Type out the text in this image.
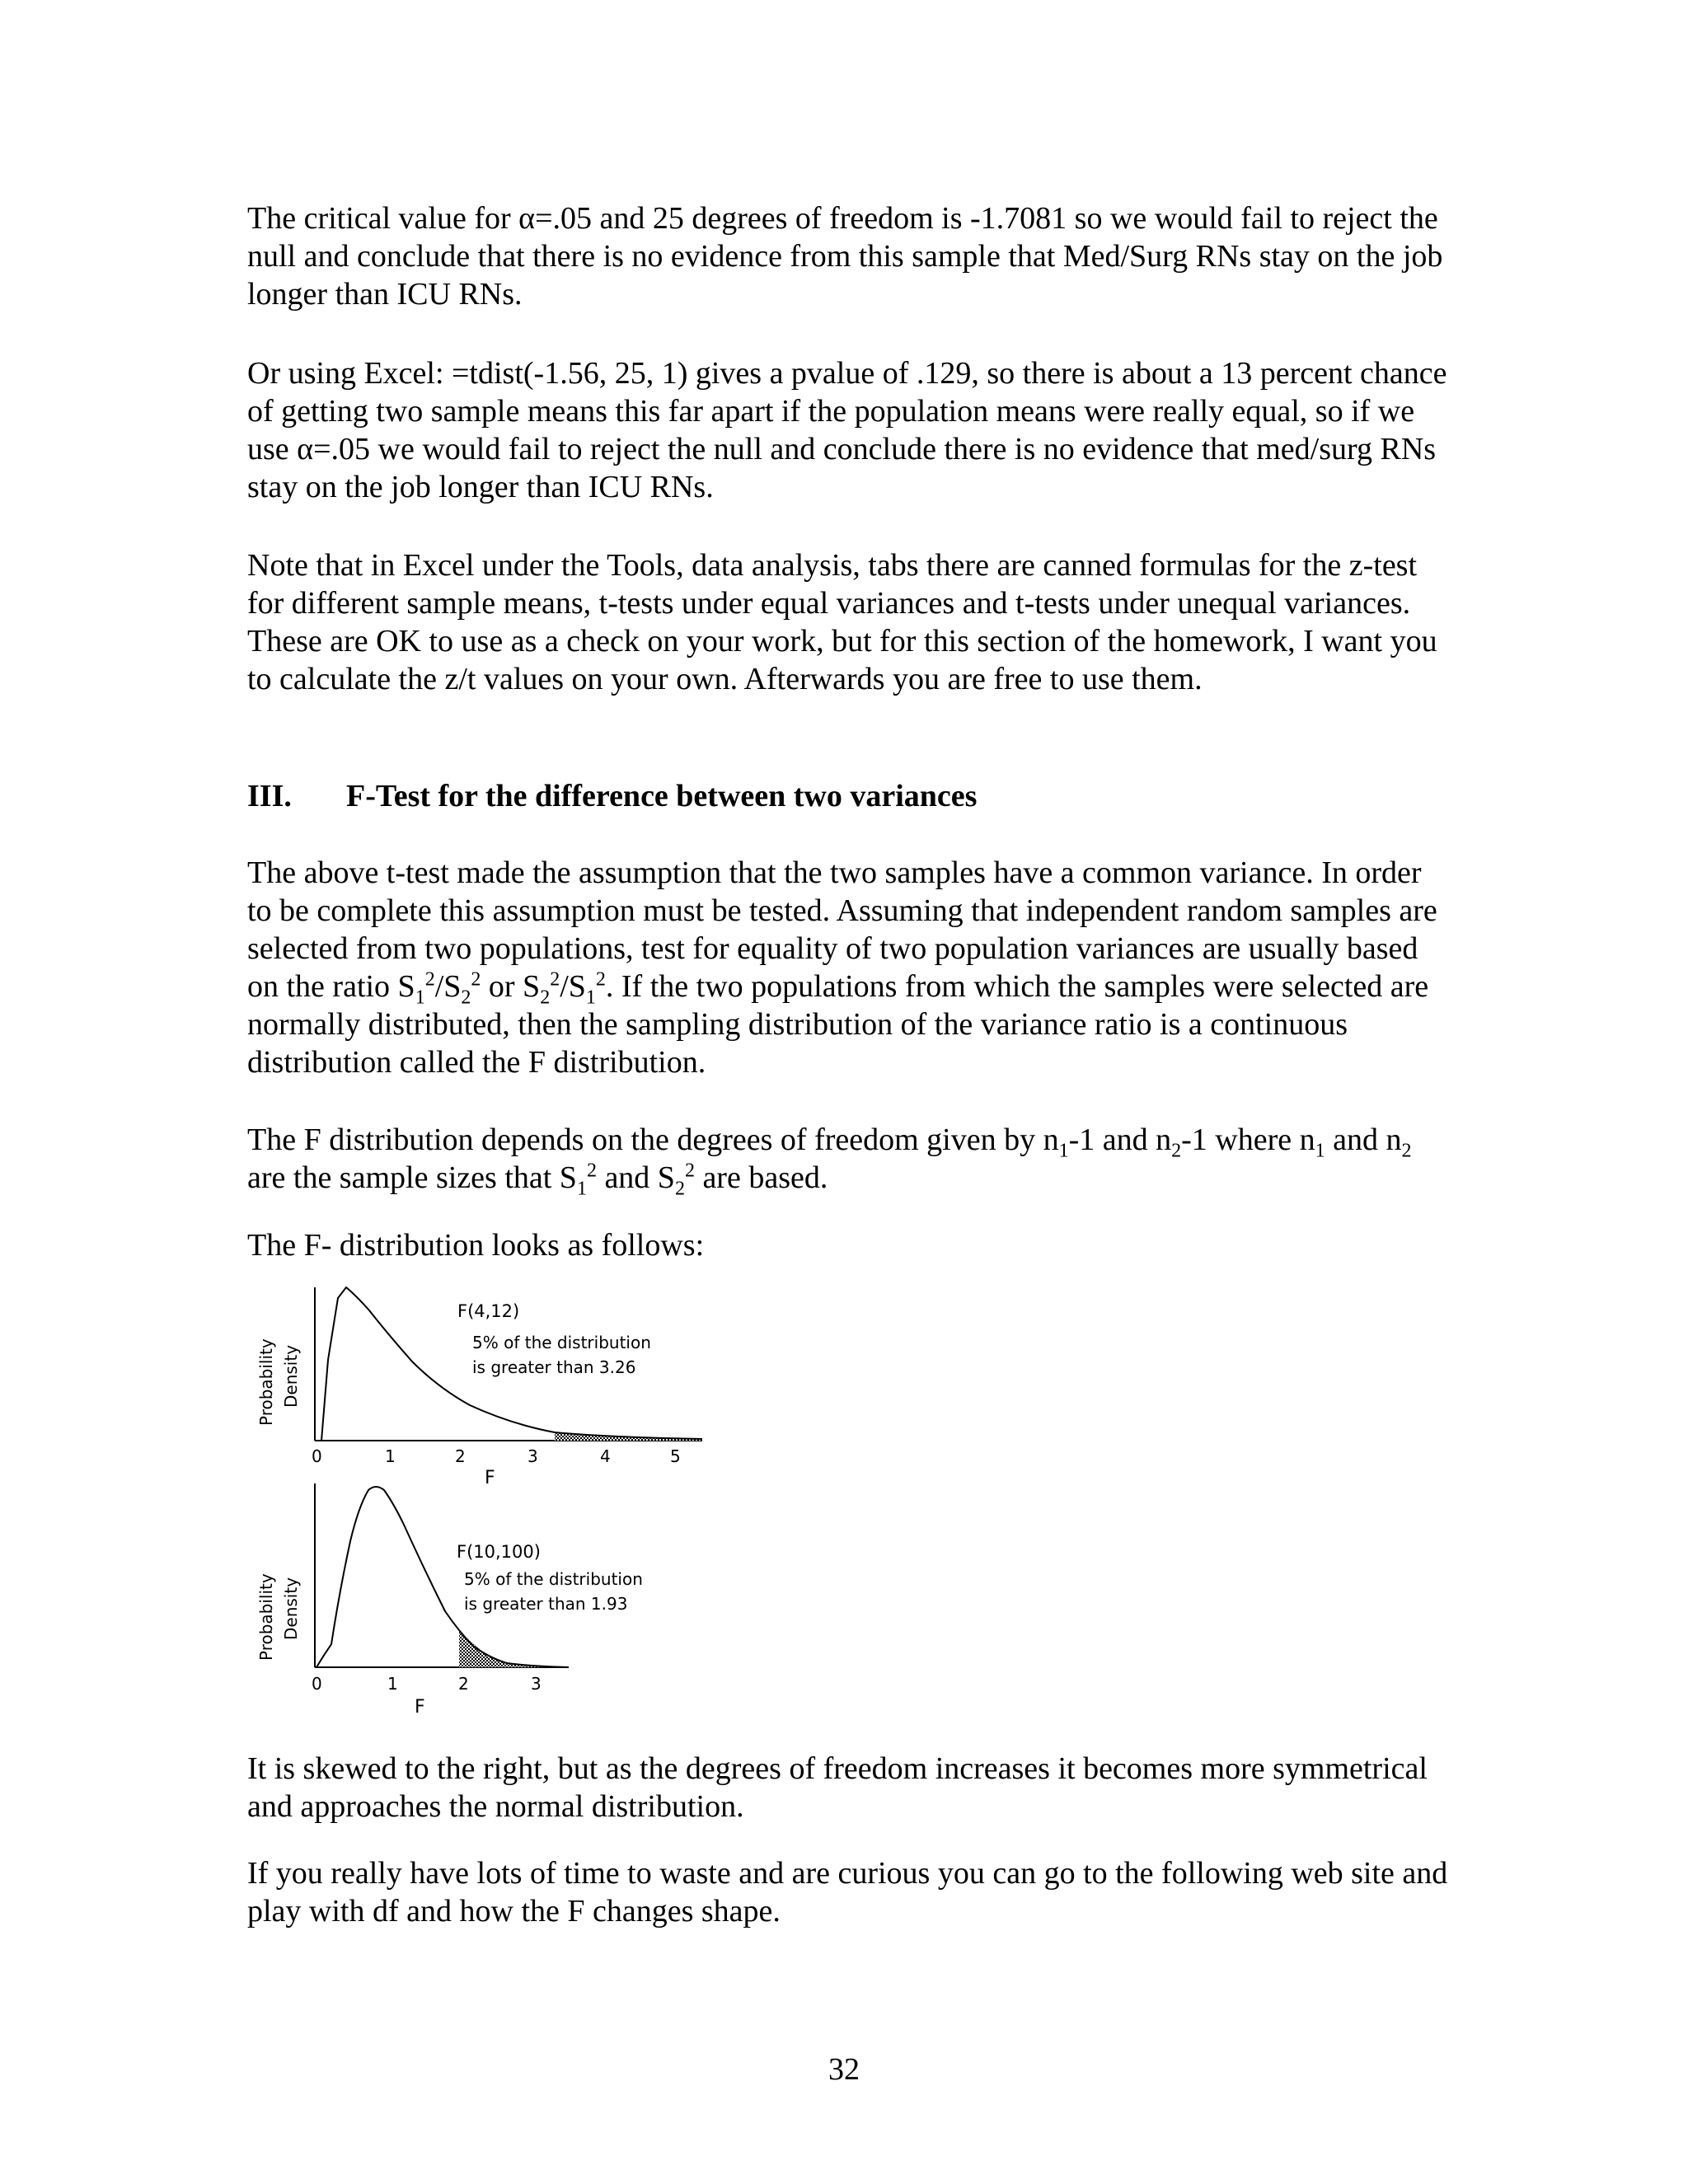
The critical value for α=.05 and 25 degrees of freedom is -1.7081 so we would fail to reject the null and conclude that there is no evidence from this sample that Med/Surg RNs stay on the job longer than ICU RNs.

Or using Excel: =tdist(-1.56, 25, 1) gives a pvalue of .129, so there is about a 13 percent chance of getting two sample means this far apart if the population means were really equal, so if we use α=.05 we would fail to reject the null and conclude there is no evidence that med/surg RNs stay on the job longer than ICU RNs.

Note that in Excel under the Tools, data analysis, tabs there are canned formulas for the z-test for different sample means, t-tests under equal variances and t-tests under unequal variances. These are OK to use as a check on your work, but for this section of the homework, I want you to calculate the z/t values on your own. Afterwards you are free to use them.

III. F-Test for the difference between two variances

The above t-test made the assumption that the two samples have a common variance. In order to be complete this assumption must be tested. Assuming that independent random samples are selected from two populations, test for equality of two population variances are usually based on the ratio $S_1^2/S_2^2$ or $S_2^2/S_1^2$. If the two populations from which the samples were selected are normally distributed, then the sampling distribution of the variance ratio is a continuous distribution called the F distribution.

The F distribution depends on the degrees of freedom given by $n_1-1$ and $n_2-1$ where $n_1$ and $n_2$ are the sample sizes that $S_1^2$ and $S_2^2$ are based.

The F- distribution looks as follows:

Probability Density
0	1	2	3	4	5
F
F(4,12)
5% of the distribution
is greater than 3.26
Probability Density
0	1	2	3
F
F(10,100)
5% of the distribution
is greater than 1.93

It is skewed to the right, but as the degrees of freedom increases it becomes more symmetrical and approaches the normal distribution.

If you really have lots of time to waste and are curious you can go to the following web site and play with df and how the F changes shape.

32
